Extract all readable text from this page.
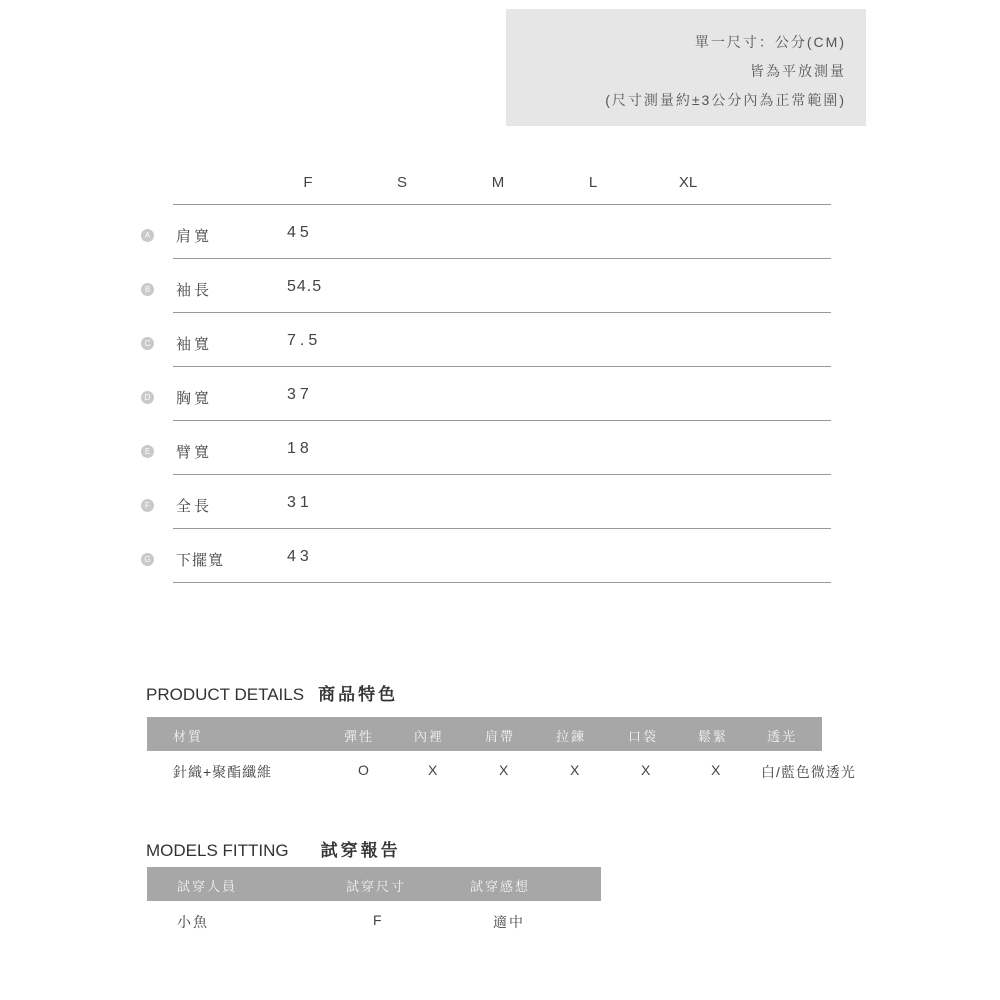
單一尺寸：公分(CM)
皆為平放測量
(尺寸測量約±3公分內為正常範圍)
F	S	M	L	XL
A 肩寬	45
B 袖長	54.5
C 袖寬	7.5
D 胸寬	37
E 臂寬	18
F 全長	31
G 下擺寬	43
PRODUCT DETAILS 商品特色
材質	彈性	內裡	肩帶	拉鍊	口袋	鬆緊	透光
針織+聚酯纖維	O	X	X	X	X	X	白/藍色微透光
MODELS FITTING 試穿報告
試穿人員	試穿尺寸	試穿感想
小魚	F	適中
